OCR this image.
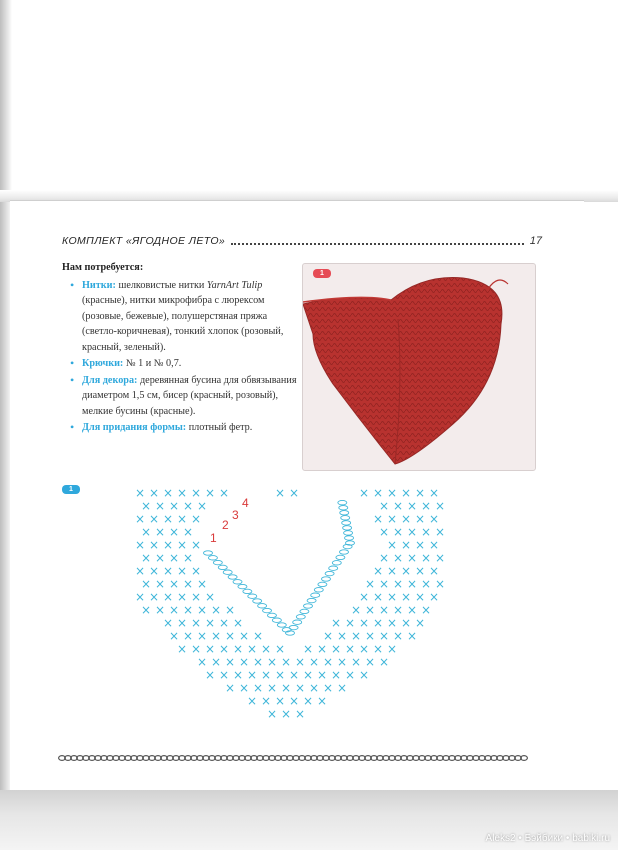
КОМПЛЕКТ «ЯГОДНОЕ ЛЕТО»	17
Нам потребуется:
• Нитки: шелковистые нитки YarnArt Tulip (красные), нитки микрофибра с люрексом (розовые, бежевые), полушерстяная пряжа (светло-коричневая), тонкий хлопок (розовый, красный, зеленый).
• Крючки: № 1 и № 0,7.
• Для декора: деревянная бусина для обвязывания диаметром 1,5 см, бисер (красный, розовый), мелкие бусины (красные).
• Для придания формы: плотный фетр.
1
1	× × × × × × ×	× ×	× × × × × ×
× × × × ×	× × × × ×
× × × × ×	× × × × ×
× × × ×	× × × × ×
× × × × ×	× × × ×
× × × ×	× × × × ×
× × × × ×	× × × × ×
× × × × ×	× × × × × ×
× × × × × ×	× × × × × ×
× × × × × × ×	× × × × × ×
× × × × × ×	× × × × × × ×
× × × × × × ×	× × × × × × ×
× × × × × × × × × × × × × × ×
× × × × × × × × × × × × × ×
× × × × × × × × × × × ×
× × × × × × × × ×
× × × × × ×
× × ×
1
2
3
4
Aleks2 • Бэйбики • babiki.ru
